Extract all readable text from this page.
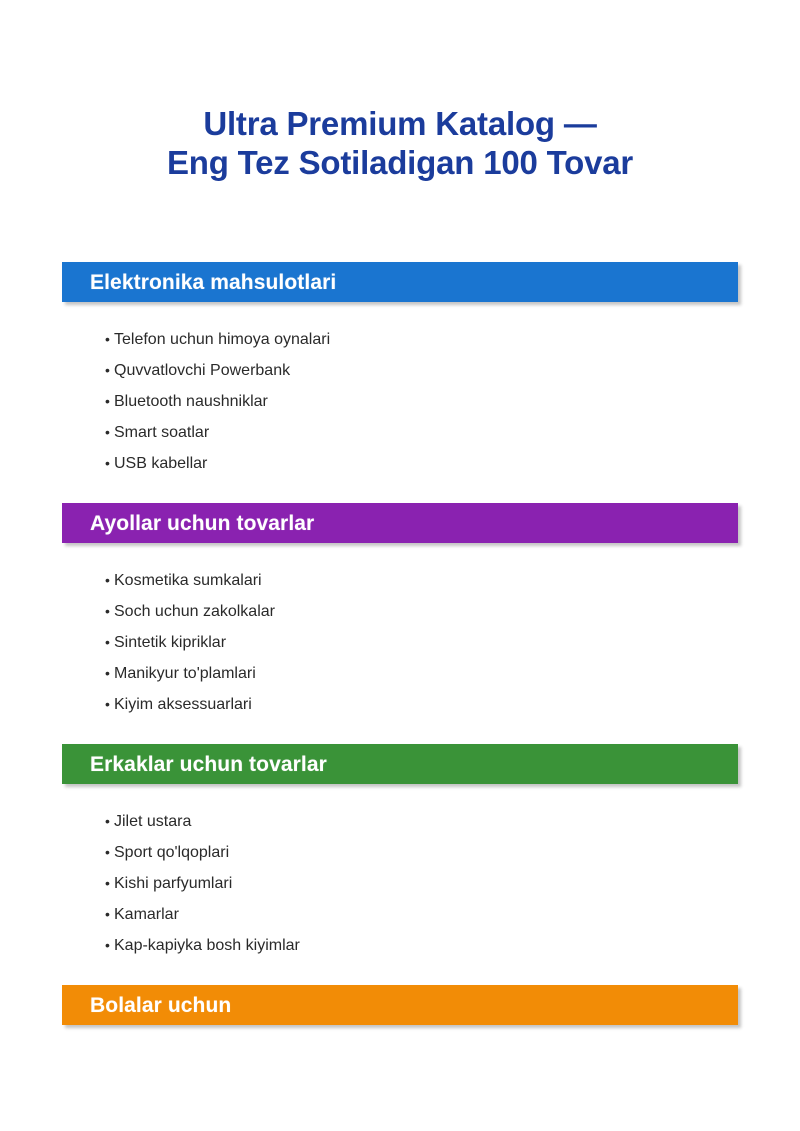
Ultra Premium Katalog —
Eng Tez Sotiladigan 100 Tovar
Elektronika mahsulotlari
• Telefon uchun himoya oynalari
• Quvvatlovchi Powerbank
• Bluetooth naushniklar
• Smart soatlar
• USB kabellar
Ayollar uchun tovarlar
• Kosmetika sumkalari
• Soch uchun zakolkalar
• Sintetik kipriklar
• Manikyur to'plamlari
• Kiyim aksessuarlari
Erkaklar uchun tovarlar
• Jilet ustara
• Sport qo'lqoplari
• Kishi parfyumlari
• Kamarlar
• Kap-kapiyka bosh kiyimlar
Bolalar uchun
